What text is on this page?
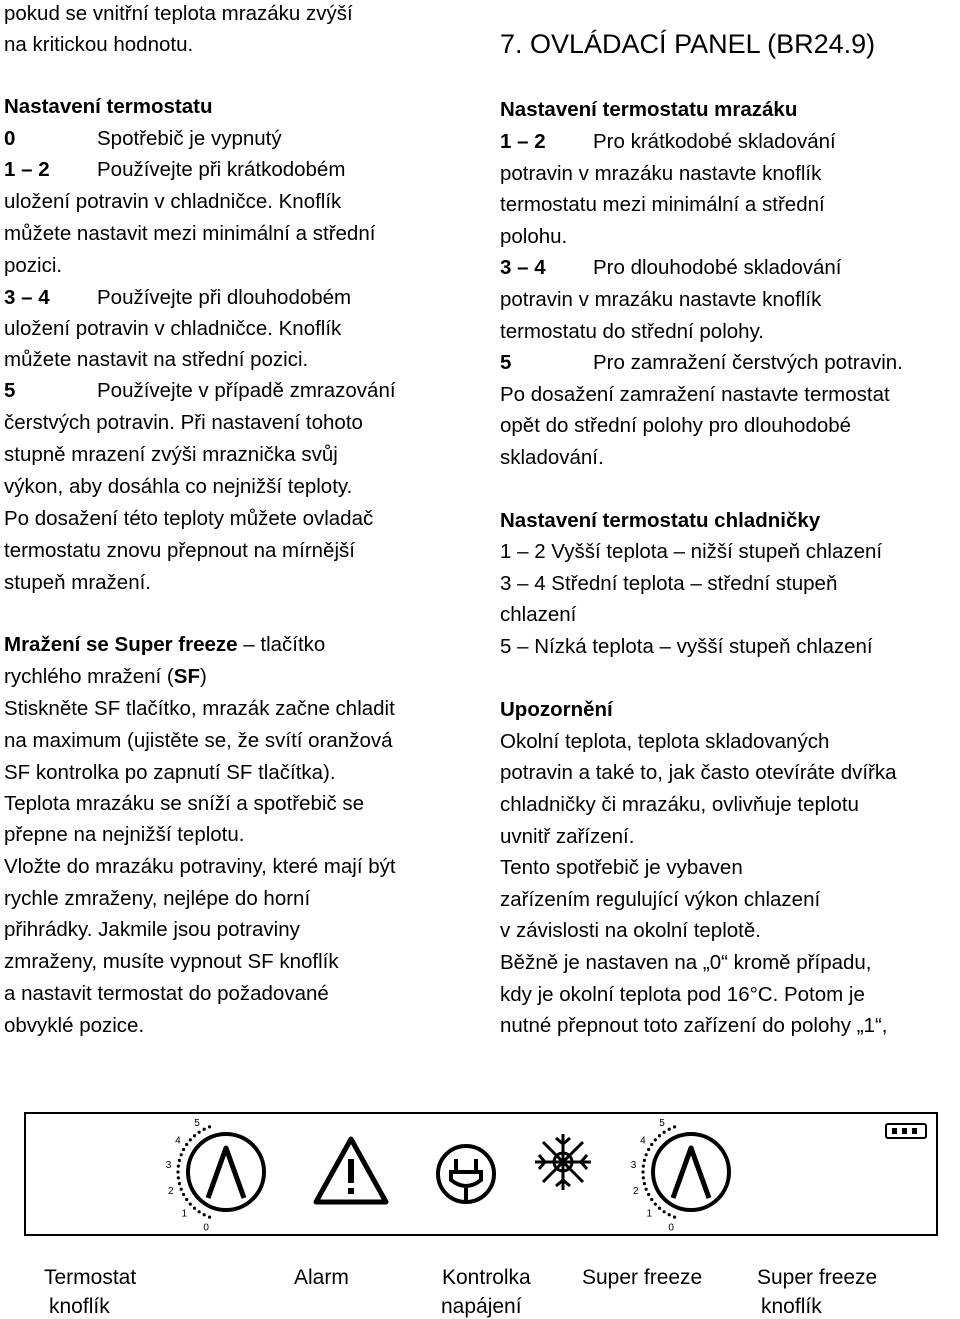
pokud se vnitřní teplota mrazáku zvýší
na kritickou hodnotu.
Nastavení termostatu
0	Spotřebič je vypnutý
1 – 2 Používejte při krátkodobém
uložení potravin v chladničce. Knoflík
můžete nastavit mezi minimální a střední
pozici.
3 – 4 Používejte při dlouhodobém
uložení potravin v chladničce. Knoflík
můžete nastavit na střední pozici.
5	Používejte v případě zmrazování
čerstvých potravin. Při nastavení tohoto
stupně mrazení zvýši mraznička svůj
výkon, aby dosáhla co nejnižší teploty.
Po dosažení této teploty můžete ovladač
termostatu znovu přepnout na mírnější
stupeň mražení.
Mražení se Super freeze – tlačítko
rychlého mražení (SF)
Stiskněte SF tlačítko, mrazák začne chladit
na maximum (ujistěte se, že svítí oranžová
SF kontrolka po zapnutí SF tlačítka).
Teplota mrazáku se sníží a spotřebič se
přepne na nejnižší teplotu.
Vložte do mrazáku potraviny, které mají být
rychle zmraženy, nejlépe do horní
přihrádky. Jakmile jsou potraviny
zmraženy, musíte vypnout SF knoflík
a nastavit termostat do požadované
obvyklé pozice.
7. OVLÁDACÍ PANEL (BR24.9)
Nastavení termostatu mrazáku
1 – 2 Pro krátkodobé skladování
potravin v mrazáku nastavte knoflík
termostatu mezi minimální a střední
polohu.
3 – 4 Pro dlouhodobé skladování
potravin v mrazáku nastavte knoflík
termostatu do střední polohy.
5	Pro zamražení čerstvých potravin.
Po dosažení zamražení nastavte termostat
opět do střední polohy pro dlouhodobé
skladování.
Nastavení termostatu chladničky
1 – 2 Vyšší teplota – nižší stupeň chlazení
3 – 4 Střední teplota – střední stupeň
chlazení
5 – Nízká teplota – vyšší stupeň chlazení
Upozornění
Okolní teplota, teplota skladovaných
potravin a také to, jak často otevíráte dvířka
chladničky či mrazáku, ovlivňuje teplotu
uvnitř zařízení.
Tento spotřebič je vybaven
zařízením regulující výkon chlazení
v závislosti na okolní teplotě.
Běžně je nastaven na „0“ kromě případu,
kdy je okolní teplota pod 16°C. Potom je
nutné přepnout toto zařízení do polohy „1“,
5
4
3
2
1
0
5
4
3
2
1
0
Termostat
knoflík
Alarm	Kontrolka
napájení
Super freeze	Super freeze
knoflík
